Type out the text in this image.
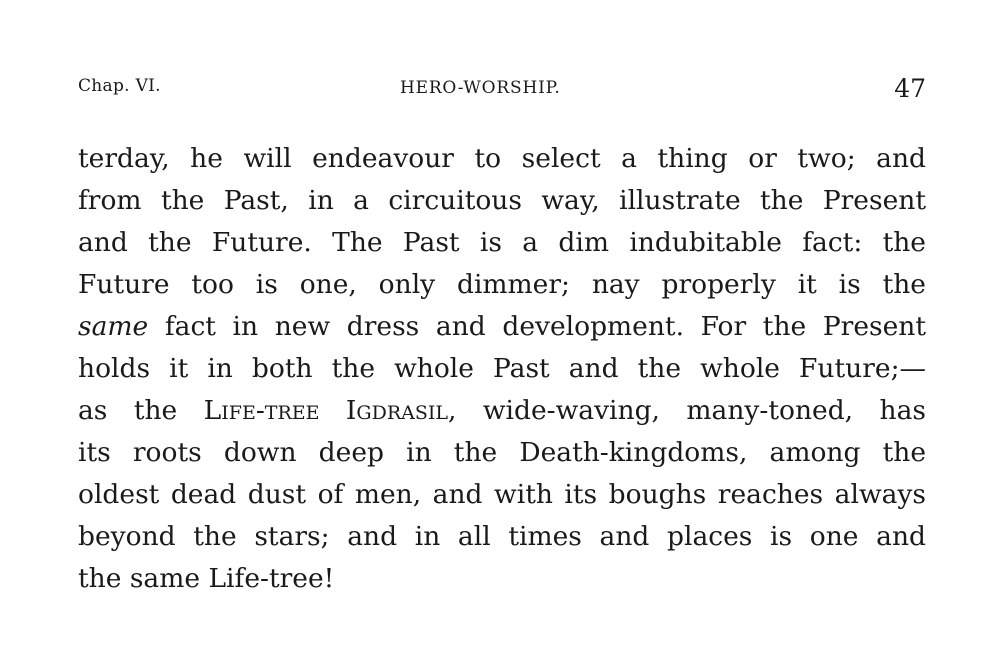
Chap. VI.	HERO-WORSHIP.	47
terday, he will endeavour to select a thing or two; and
from the Past, in a circuitous way, illustrate the Present
and the Future. The Past is a dim indubitable fact: the
Future too is one, only dimmer; nay properly it is the
same fact in new dress and development. For the Present
holds it in both the whole Past and the whole Future;—
as the Life-tree Igdrasil, wide-waving, many-toned, has
its roots down deep in the Death-kingdoms, among the
oldest dead dust of men, and with its boughs reaches always
beyond the stars; and in all times and places is one and
the same Life-tree!
